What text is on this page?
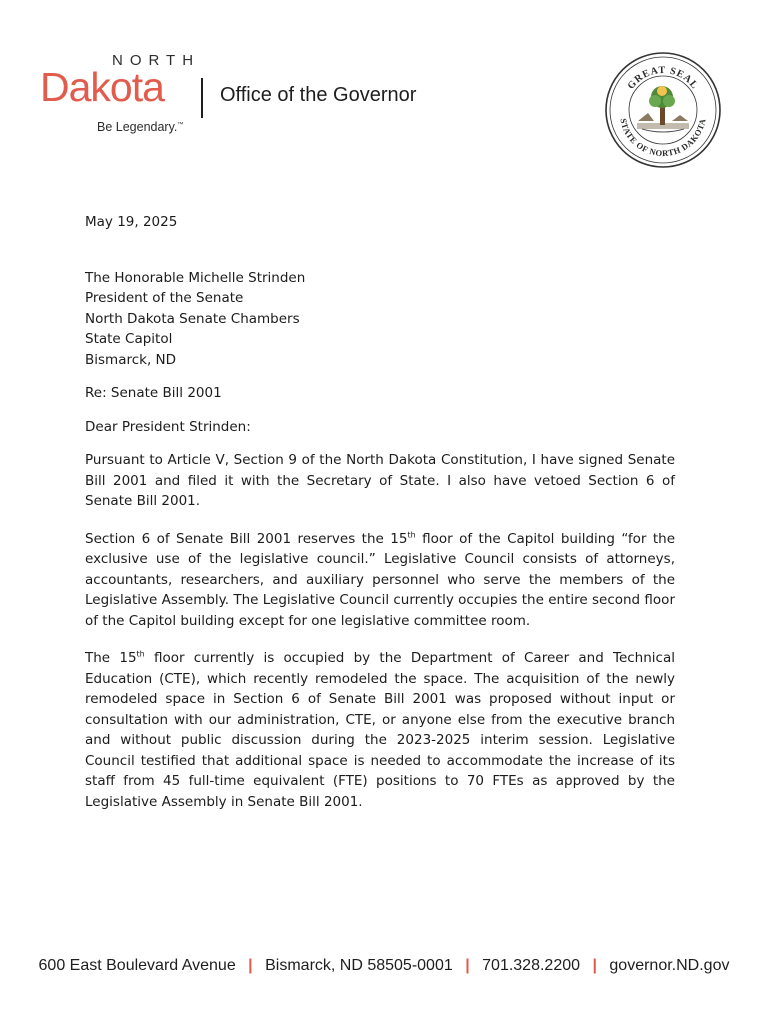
NORTH
Dakota
Be Legendary.™
Office of the Governor	GREAT SEAL
STATE OF NORTH DAKOTA

May 19, 2025

The Honorable Michelle Strinden
President of the Senate
North Dakota Senate Chambers
State Capitol
Bismarck, ND

Re: Senate Bill 2001

Dear President Strinden:

Pursuant to Article V, Section 9 of the North Dakota Constitution, I have signed Senate Bill 2001 and filed it with the Secretary of State. I also have vetoed Section 6 of Senate Bill 2001.

Section 6 of Senate Bill 2001 reserves the 15th floor of the Capitol building “for the exclusive use of the legislative council.” Legislative Council consists of attorneys, accountants, researchers, and auxiliary personnel who serve the members of the Legislative Assembly. The Legislative Council currently occupies the entire second floor of the Capitol building except for one legislative committee room.

The 15th floor currently is occupied by the Department of Career and Technical Education (CTE), which recently remodeled the space. The acquisition of the newly remodeled space in Section 6 of Senate Bill 2001 was proposed without input or consultation with our administration, CTE, or anyone else from the executive branch and without public discussion during the 2023-2025 interim session. Legislative Council testified that additional space is needed to accommodate the increase of its staff from 45 full-time equivalent (FTE) positions to 70 FTEs as approved by the Legislative Assembly in Senate Bill 2001.

600 East Boulevard Avenue | Bismarck, ND 58505-0001 | 701.328.2200 | governor.ND.gov
